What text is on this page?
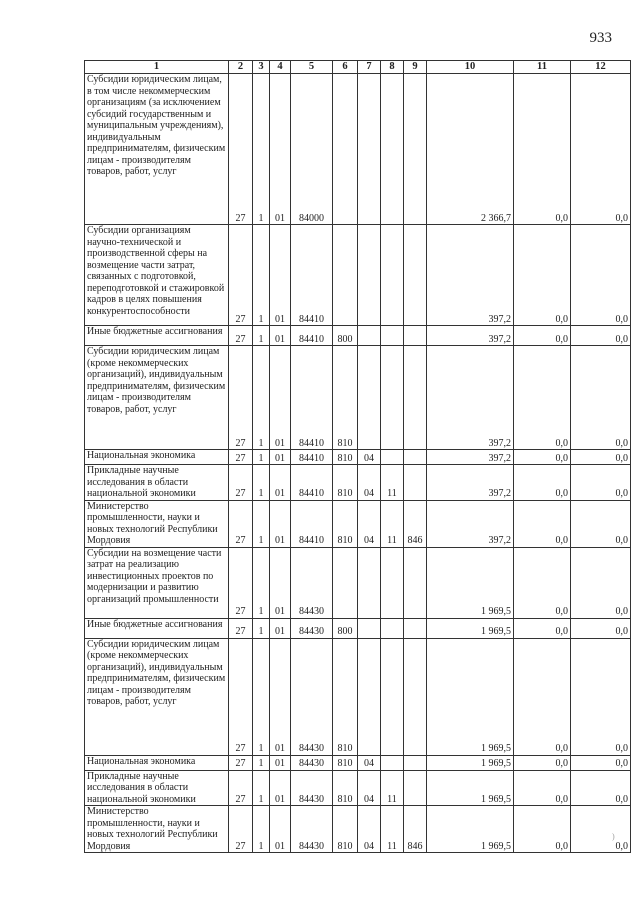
933
1	2	3	4	5	6	7	8	9	10	11	12

Субсидии юридическим лицам, в том числе некоммерческим организациям (за исключением субсидий государственным и муниципальным учреждениям), индивидуальным предпринимателям, физическим лицам - производителям товаров, работ, услуг	27	1	01	84000					2 366,7	0,0	0,0

Субсидии организациям научно-технической и производственной сферы на возмещение части затрат, связанных с подготовкой, переподготовкой и стажировкой кадров в целях повышения конкурентоспособности	27	1	01	84410					397,2	0,0	0,0

Иные бюджетные ассигнования	27	1	01	84410	800				397,2	0,0	0,0

Субсидии юридическим лицам (кроме некоммерческих организаций), индивидуальным предпринимателям, физическим лицам - производителям товаров, работ, услуг	27	1	01	84410	810				397,2	0,0	0,0

Национальная экономика	27	1	01	84410	810	04			397,2	0,0	0,0

Прикладные научные исследования в области национальной экономики	27	1	01	84410	810	04	11		397,2	0,0	0,0

Министерство промышленности, науки и новых технологий Республики Мордовия	27	1	01	84410	810	04	11	846	397,2	0,0	0,0

Субсидии на возмещение части затрат на реализацию инвестиционных проектов по модернизации и развитию организаций промышленности	27	1	01	84430					1 969,5	0,0	0,0

Иные бюджетные ассигнования	27	1	01	84430	800				1 969,5	0,0	0,0

Субсидии юридическим лицам (кроме некоммерческих организаций), индивидуальным предпринимателям, физическим лицам - производителям товаров, работ, услуг	27	1	01	84430	810				1 969,5	0,0	0,0

Национальная экономика	27	1	01	84430	810	04			1 969,5	0,0	0,0

Прикладные научные исследования в области национальной экономики	27	1	01	84430	810	04	11		1 969,5	0,0	0,0

Министерство промышленности, науки и новых технологий Республики Мордовия	27	1	01	84430	810	04	11	846	1 969,5	0,0	0,0
)
